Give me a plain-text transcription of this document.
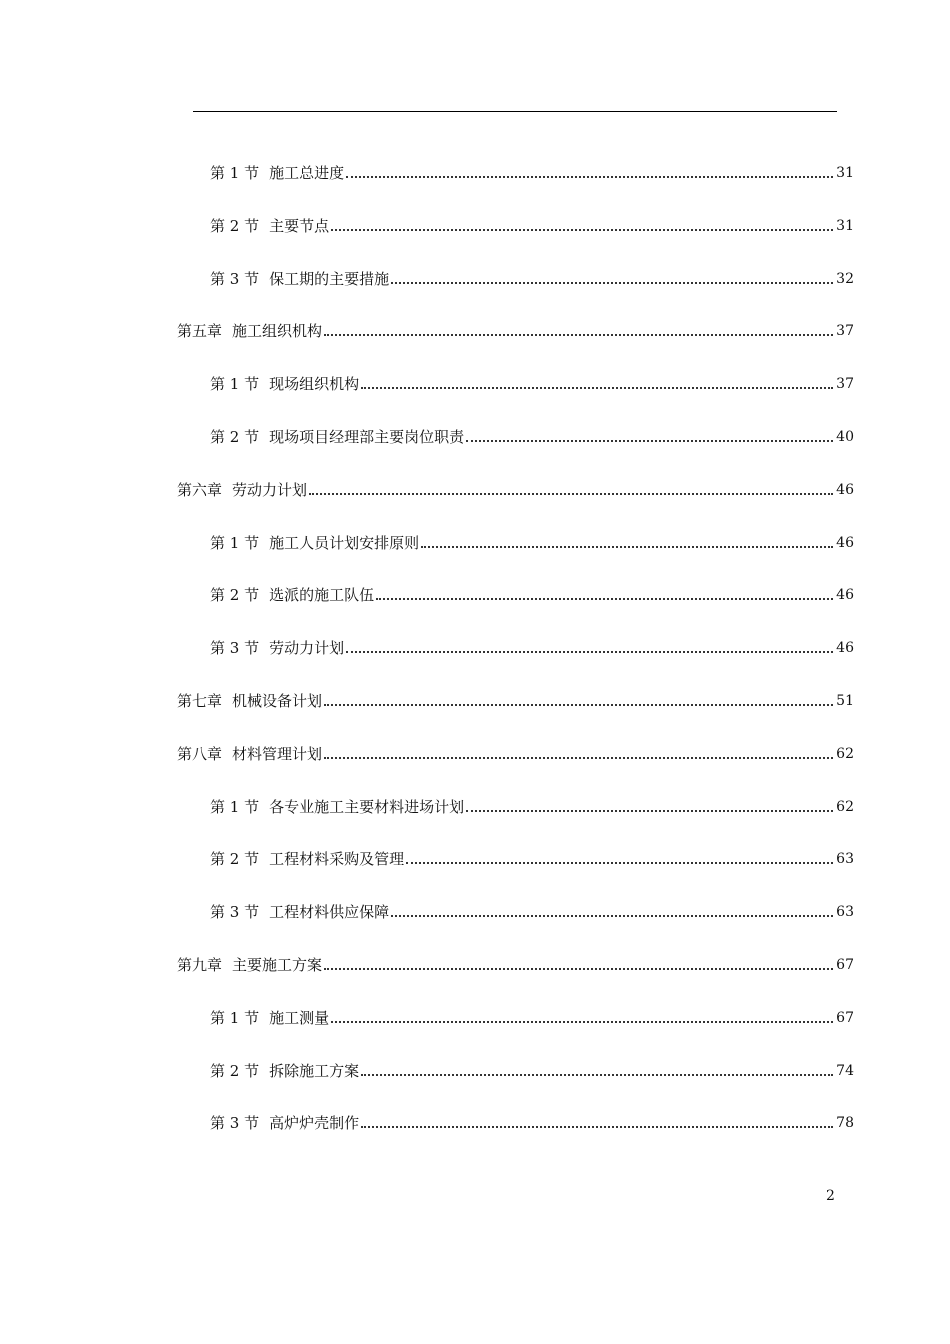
第 1 节 施工总进度	31
第 2 节 主要节点	31
第 3 节 保工期的主要措施	32
第五章 施工组织机构	37
第 1 节 现场组织机构	37
第 2 节 现场项目经理部主要岗位职责	40
第六章 劳动力计划	46
第 1 节 施工人员计划安排原则	46
第 2 节 选派的施工队伍	46
第 3 节 劳动力计划	46
第七章 机械设备计划	51
第八章 材料管理计划	62
第 1 节 各专业施工主要材料进场计划	62
第 2 节 工程材料采购及管理	63
第 3 节 工程材料供应保障	63
第九章 主要施工方案	67
第 1 节 施工测量	67
第 2 节 拆除施工方案	74
第 3 节 高炉炉壳制作	78
2
